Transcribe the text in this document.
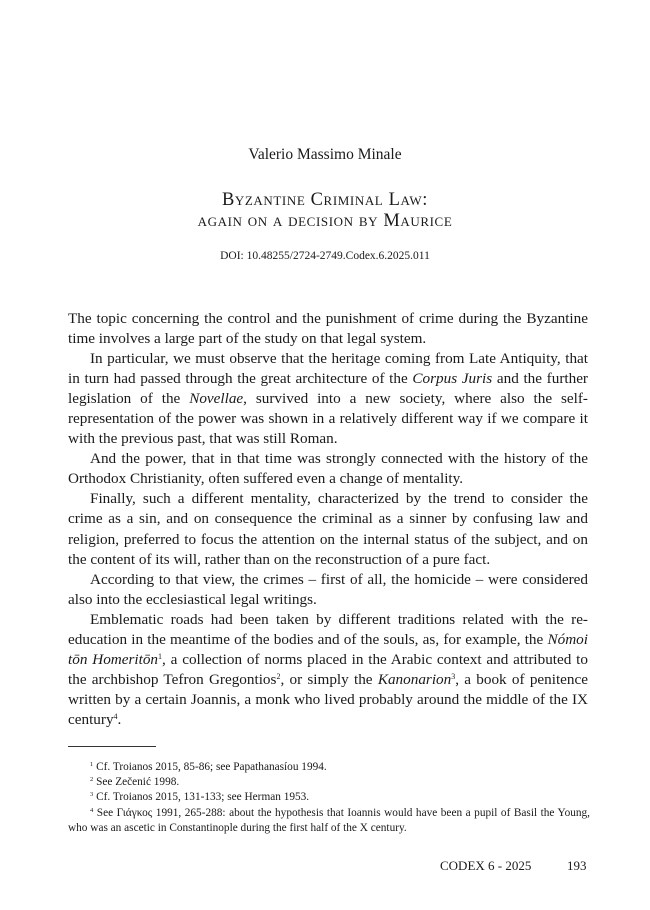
Valerio Massimo Minale
Byzantine Criminal Law:
again on a decision by Maurice
DOI: 10.48255/2724-2749.Codex.6.2025.011

The topic concerning the control and the punishment of crime during the Byzantine time involves a large part of the study on that legal system.

In particular, we must observe that the heritage coming from Late Antiquity, that in turn had passed through the great architecture of the Corpus Juris and the further legislation of the Novellae, survived into a new society, where also the self-representation of the power was shown in a relatively different way if we compare it with the previous past, that was still Roman.

And the power, that in that time was strongly connected with the history of the Orthodox Christianity, often suffered even a change of mentality.

Finally, such a different mentality, characterized by the trend to consider the crime as a sin, and on consequence the criminal as a sinner by confusing law and religion, preferred to focus the attention on the internal status of the subject, and on the content of its will, rather than on the reconstruction of a pure fact.

According to that view, the crimes – first of all, the homicide – were considered also into the ecclesiastical legal writings.

Emblematic roads had been taken by different traditions related with the re-education in the meantime of the bodies and of the souls, as, for example, the Nómoi tōn Homeritōn$^1$, a collection of norms placed in the Arabic context and attributed to the archbishop Tefron Gregontios$^2$, or simply the Kanonarion$^3$, a book of penitence written by a certain Joannis, a monk who lived probably around the middle of the IX century$^4$.

$^1$ Cf. Troianos 2015, 85-86; see Papathanasíou 1994.

$^2$ See Zečenić 1998.

$^3$ Cf. Troianos 2015, 131-133; see Herman 1953.

$^4$ See Γιάγκος 1991, 265-288: about the hypothesis that Ioannis would have been a pupil of Basil the Young, who was an ascetic in Constantinople during the first half of the X century.

CODEX 6 - 2025	193
